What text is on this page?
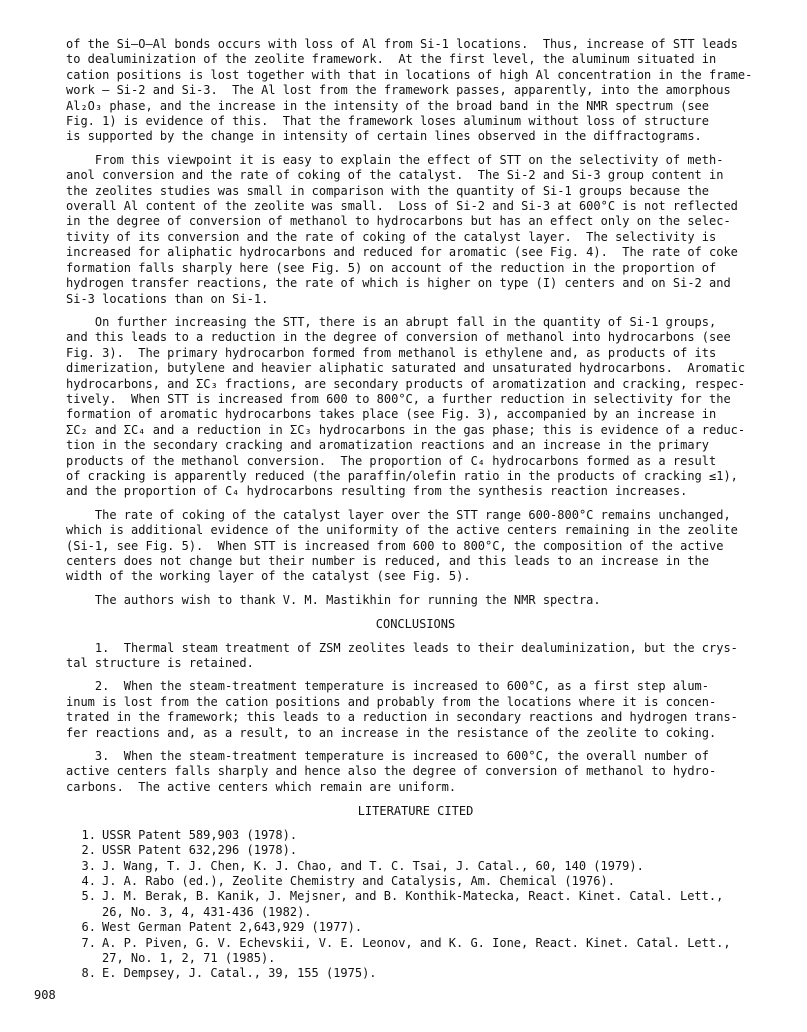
of the Si–O–Al bonds occurs with loss of Al from Si-1 locations.  Thus, increase of STT leads
to dealuminization of the zeolite framework.  At the first level, the aluminum situated in
cation positions is lost together with that in locations of high Al concentration in the frame-
work – Si-2 and Si-3.  The Al lost from the framework passes, apparently, into the amorphous
Al₂O₃ phase, and the increase in the intensity of the broad band in the NMR spectrum (see
Fig. 1) is evidence of this.  That the framework loses aluminum without loss of structure
is supported by the change in intensity of certain lines observed in the diffractograms.

From this viewpoint it is easy to explain the effect of STT on the selectivity of meth-
anol conversion and the rate of coking of the catalyst.  The Si-2 and Si-3 group content in
the zeolites studies was small in comparison with the quantity of Si-1 groups because the
overall Al content of the zeolite was small.  Loss of Si-2 and Si-3 at 600°C is not reflected
in the degree of conversion of methanol to hydrocarbons but has an effect only on the selec-
tivity of its conversion and the rate of coking of the catalyst layer.  The selectivity is
increased for aliphatic hydrocarbons and reduced for aromatic (see Fig. 4).  The rate of coke
formation falls sharply here (see Fig. 5) on account of the reduction in the proportion of
hydrogen transfer reactions, the rate of which is higher on type (I) centers and on Si-2 and
Si-3 locations than on Si-1.

On further increasing the STT, there is an abrupt fall in the quantity of Si-1 groups,
and this leads to a reduction in the degree of conversion of methanol into hydrocarbons (see
Fig. 3).  The primary hydrocarbon formed from methanol is ethylene and, as products of its
dimerization, butylene and heavier aliphatic saturated and unsaturated hydrocarbons.  Aromatic
hydrocarbons, and ΣC₃ fractions, are secondary products of aromatization and cracking, respec-
tively.  When STT is increased from 600 to 800°C, a further reduction in selectivity for the
formation of aromatic hydrocarbons takes place (see Fig. 3), accompanied by an increase in
ΣC₂ and ΣC₄ and a reduction in ΣC₃ hydrocarbons in the gas phase; this is evidence of a reduc-
tion in the secondary cracking and aromatization reactions and an increase in the primary
products of the methanol conversion.  The proportion of C₄ hydrocarbons formed as a result
of cracking is apparently reduced (the paraffin/olefin ratio in the products of cracking ≤1),
and the proportion of C₄ hydrocarbons resulting from the synthesis reaction increases.

The rate of coking of the catalyst layer over the STT range 600-800°C remains unchanged,
which is additional evidence of the uniformity of the active centers remaining in the zeolite
(Si-1, see Fig. 5).  When STT is increased from 600 to 800°C, the composition of the active
centers does not change but their number is reduced, and this leads to an increase in the
width of the working layer of the catalyst (see Fig. 5).

The authors wish to thank V. M. Mastikhin for running the NMR spectra.

CONCLUSIONS

1.  Thermal steam treatment of ZSM zeolites leads to their dealuminization, but the crys-
tal structure is retained.

2.  When the steam-treatment temperature is increased to 600°C, as a first step alum-
inum is lost from the cation positions and probably from the locations where it is concen-
trated in the framework; this leads to a reduction in secondary reactions and hydrogen trans-
fer reactions and, as a result, to an increase in the resistance of the zeolite to coking.

3.  When the steam-treatment temperature is increased to 600°C, the overall number of
active centers falls sharply and hence also the degree of conversion of methanol to hydro-
carbons.  The active centers which remain are uniform.

LITERATURE CITED
1. USSR Patent 589,903 (1978).
2. USSR Patent 632,296 (1978).
3. J. Wang, T. J. Chen, K. J. Chao, and T. C. Tsai, J. Catal., 60, 140 (1979).
4. J. A. Rabo (ed.), Zeolite Chemistry and Catalysis, Am. Chemical (1976).
5. J. M. Berak, B. Kanik, J. Mejsner, and B. Konthik-Matecka, React. Kinet. Catal. Lett.,
26, No. 3, 4, 431-436 (1982).
6. West German Patent 2,643,929 (1977).
7. A. P. Piven, G. V. Echevskii, V. E. Leonov, and K. G. Ione, React. Kinet. Catal. Lett.,
27, No. 1, 2, 71 (1985).
8. E. Dempsey, J. Catal., 39, 155 (1975).
908
